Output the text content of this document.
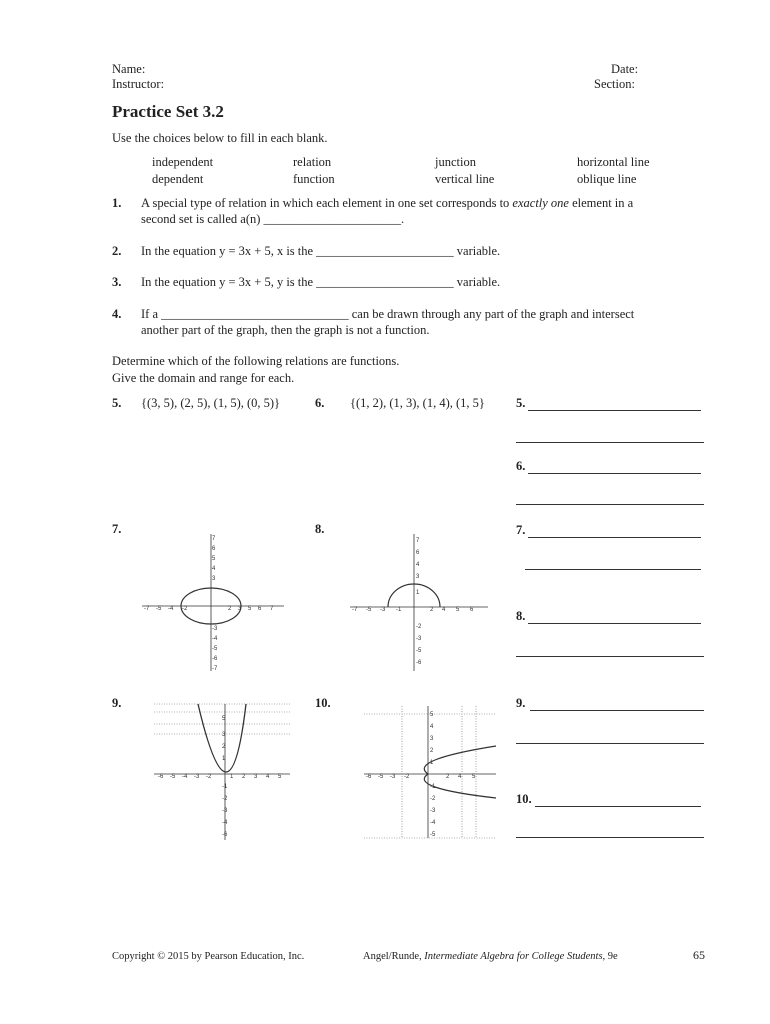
Name:
Instructor:
Date:
Section:
Practice Set 3.2
Use the choices below to fill in each blank.
independent	relation	junction	horizontal line
dependent	function	vertical line	oblique line
1. A special type of relation in which each element in one set corresponds to exactly one element in a
second set is called a(n) ______________________.
2. In the equation y = 3x + 5, x is the ______________________ variable.
3. In the equation y = 3x + 5, y is the ______________________ variable.
4. If a ______________________________ can be drawn through any part of the graph and intersect
another part of the graph, then the graph is not a function.
Determine which of the following relations are functions.
Give the domain and range for each.
5. {(3, 5), (2, 5), (1, 5), (0, 5)}	6. {(1, 2), (1, 3), (1, 4), (1, 5} 5.
6.
7.
8.
9.
10.
7.
2 3 5 6 7
-7 -5 -4 -2
7
6
5
4
3
-3
-4
-5
-6
-7
8.
-7 -5 -3 -1	2 4 5 6
7
6
4
3
1
-2
-3
-5
-6
9.
-6 -5 -4 -3 -2	1 2 3 4 5
5
3
2
1
-1
-2
-3
-4
-6
10.
-6 -5 -3 -2	2 4 5
5
4
3
2
1
-1
-2
-3
-4
-5
Copyright © 2015 by Pearson Education, Inc.	Angel/Runde, Intermediate Algebra for College Students, 9e	65
